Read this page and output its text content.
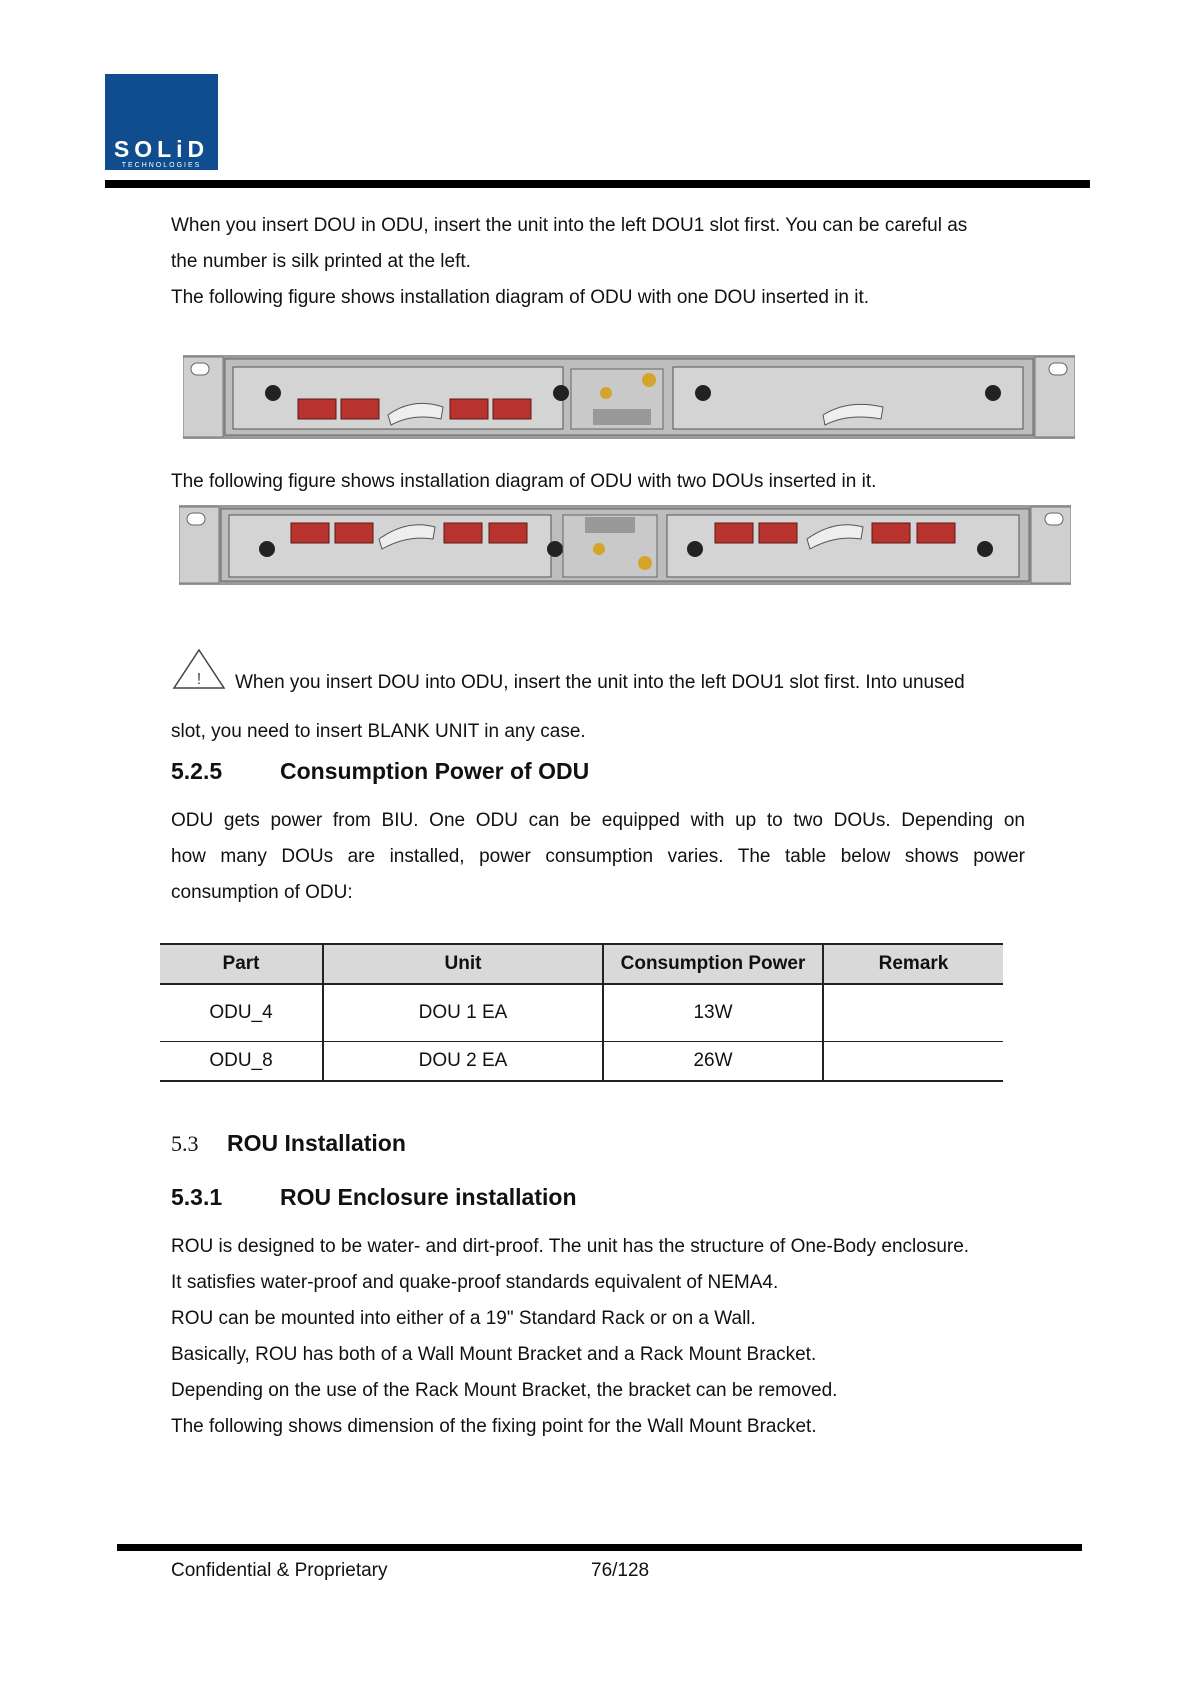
SOLiD
TECHNOLOGIES
When you insert DOU in ODU, insert the unit into the left DOU1 slot first. You can be careful as
the number is silk printed at the left.
The following figure shows installation diagram of ODU with one DOU inserted in it.
The following figure shows installation diagram of ODU with two DOUs inserted in it.
! When you insert DOU into ODU, insert the unit into the left DOU1 slot first. Into unused
slot, you need to insert BLANK UNIT in any case.
5.2.5	Consumption Power of ODU
ODU gets power from BIU. One ODU can be equipped with up to two DOUs. Depending on
how many DOUs are installed, power consumption varies. The table below shows power
consumption of ODU:
Part	Unit	Consumption Power	Remark
ODU_4	DOU 1 EA	13W	
ODU_8	DOU 2 EA	26W	
5.3 ROU Installation
5.3.1	ROU Enclosure installation
ROU is designed to be water- and dirt-proof. The unit has the structure of One-Body enclosure.
It satisfies water-proof and quake-proof standards equivalent of NEMA4.
ROU can be mounted into either of a 19" Standard Rack or on a Wall.
Basically, ROU has both of a Wall Mount Bracket and a Rack Mount Bracket.
Depending on the use of the Rack Mount Bracket, the bracket can be removed.
The following shows dimension of the fixing point for the Wall Mount Bracket.
Confidential & Proprietary	76/128
